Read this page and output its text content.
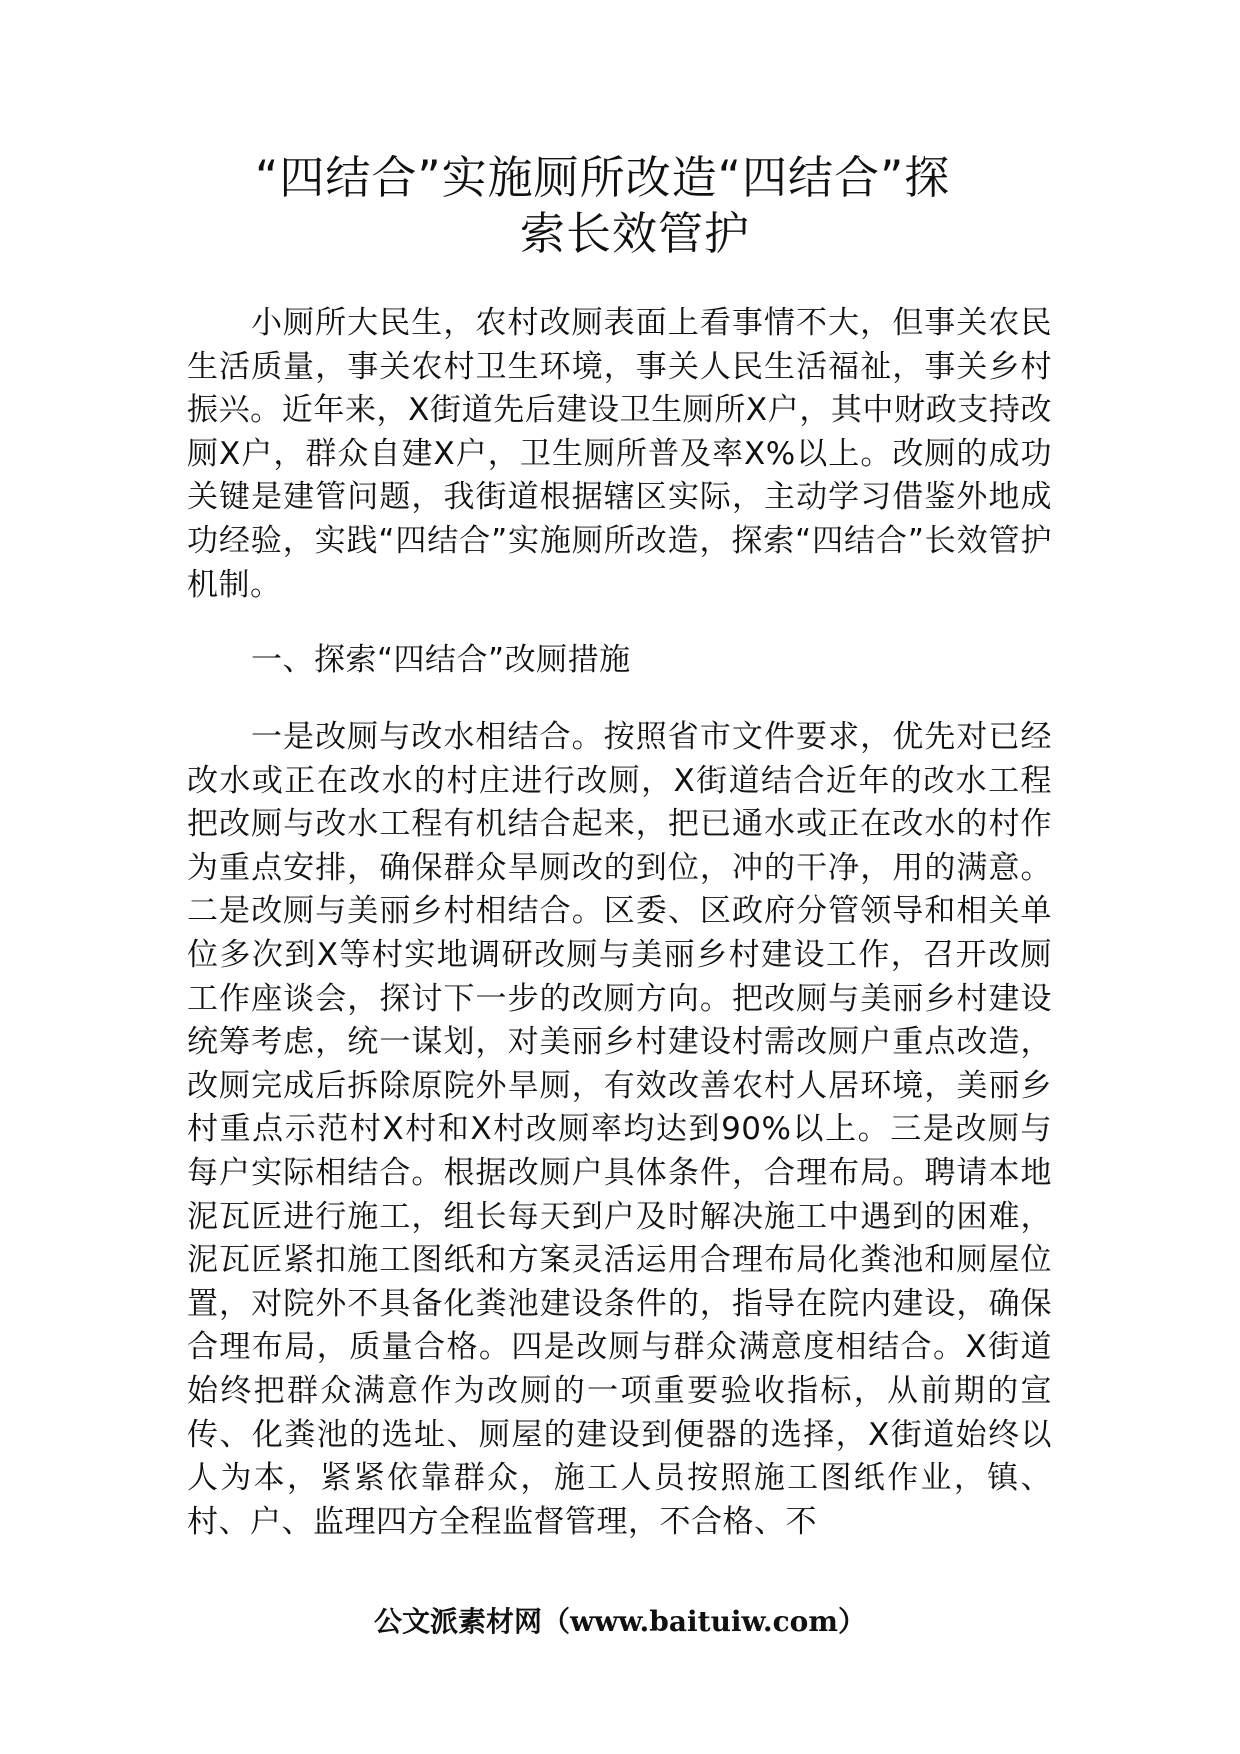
“四结合”实施厕所改造“四结合”探
索长效管护

小厕所大民生，农村改厕表面上看事情不大，但事关农民生活质量，事关农村卫生环境，事关人民生活福祉，事关乡村振兴。近年来，X街道先后建设卫生厕所X户，其中财政支持改厕X户，群众自建X户，卫生厕所普及率X%以上。改厕的成功关键是建管问题，我街道根据辖区实际，主动学习借鉴外地成功经验，实践“四结合”实施厕所改造，探索“四结合”长效管护机制。

一、探索“四结合”改厕措施

一是改厕与改水相结合。按照省市文件要求，优先对已经改水或正在改水的村庄进行改厕，X街道结合近年的改水工程把改厕与改水工程有机结合起来，把已通水或正在改水的村作为重点安排，确保群众旱厕改的到位，冲的干净，用的满意。二是改厕与美丽乡村相结合。区委、区政府分管领导和相关单位多次到X等村实地调研改厕与美丽乡村建设工作，召开改厕工作座谈会，探讨下一步的改厕方向。把改厕与美丽乡村建设统筹考虑，统一谋划，对美丽乡村建设村需改厕户重点改造，改厕完成后拆除原院外旱厕，有效改善农村人居环境，美丽乡村重点示范村X村和X村改厕率均达到90%以上。三是改厕与每户实际相结合。根据改厕户具体条件，合理布局。聘请本地泥瓦匠进行施工，组长每天到户及时解决施工中遇到的困难，泥瓦匠紧扣施工图纸和方案灵活运用合理布局化粪池和厕屋位置，对院外不具备化粪池建设条件的，指导在院内建设，确保合理布局，质量合格。四是改厕与群众满意度相结合。X街道始终把群众满意作为改厕的一项重要验收指标，从前期的宣传、化粪池的选址、厕屋的建设到便器的选择，X街道始终以人为本，紧紧依靠群众，施工人员按照施工图纸作业，镇、村、户、监理四方全程监督管理，不合格、不

公文派素材网（www.baituiw.com）
